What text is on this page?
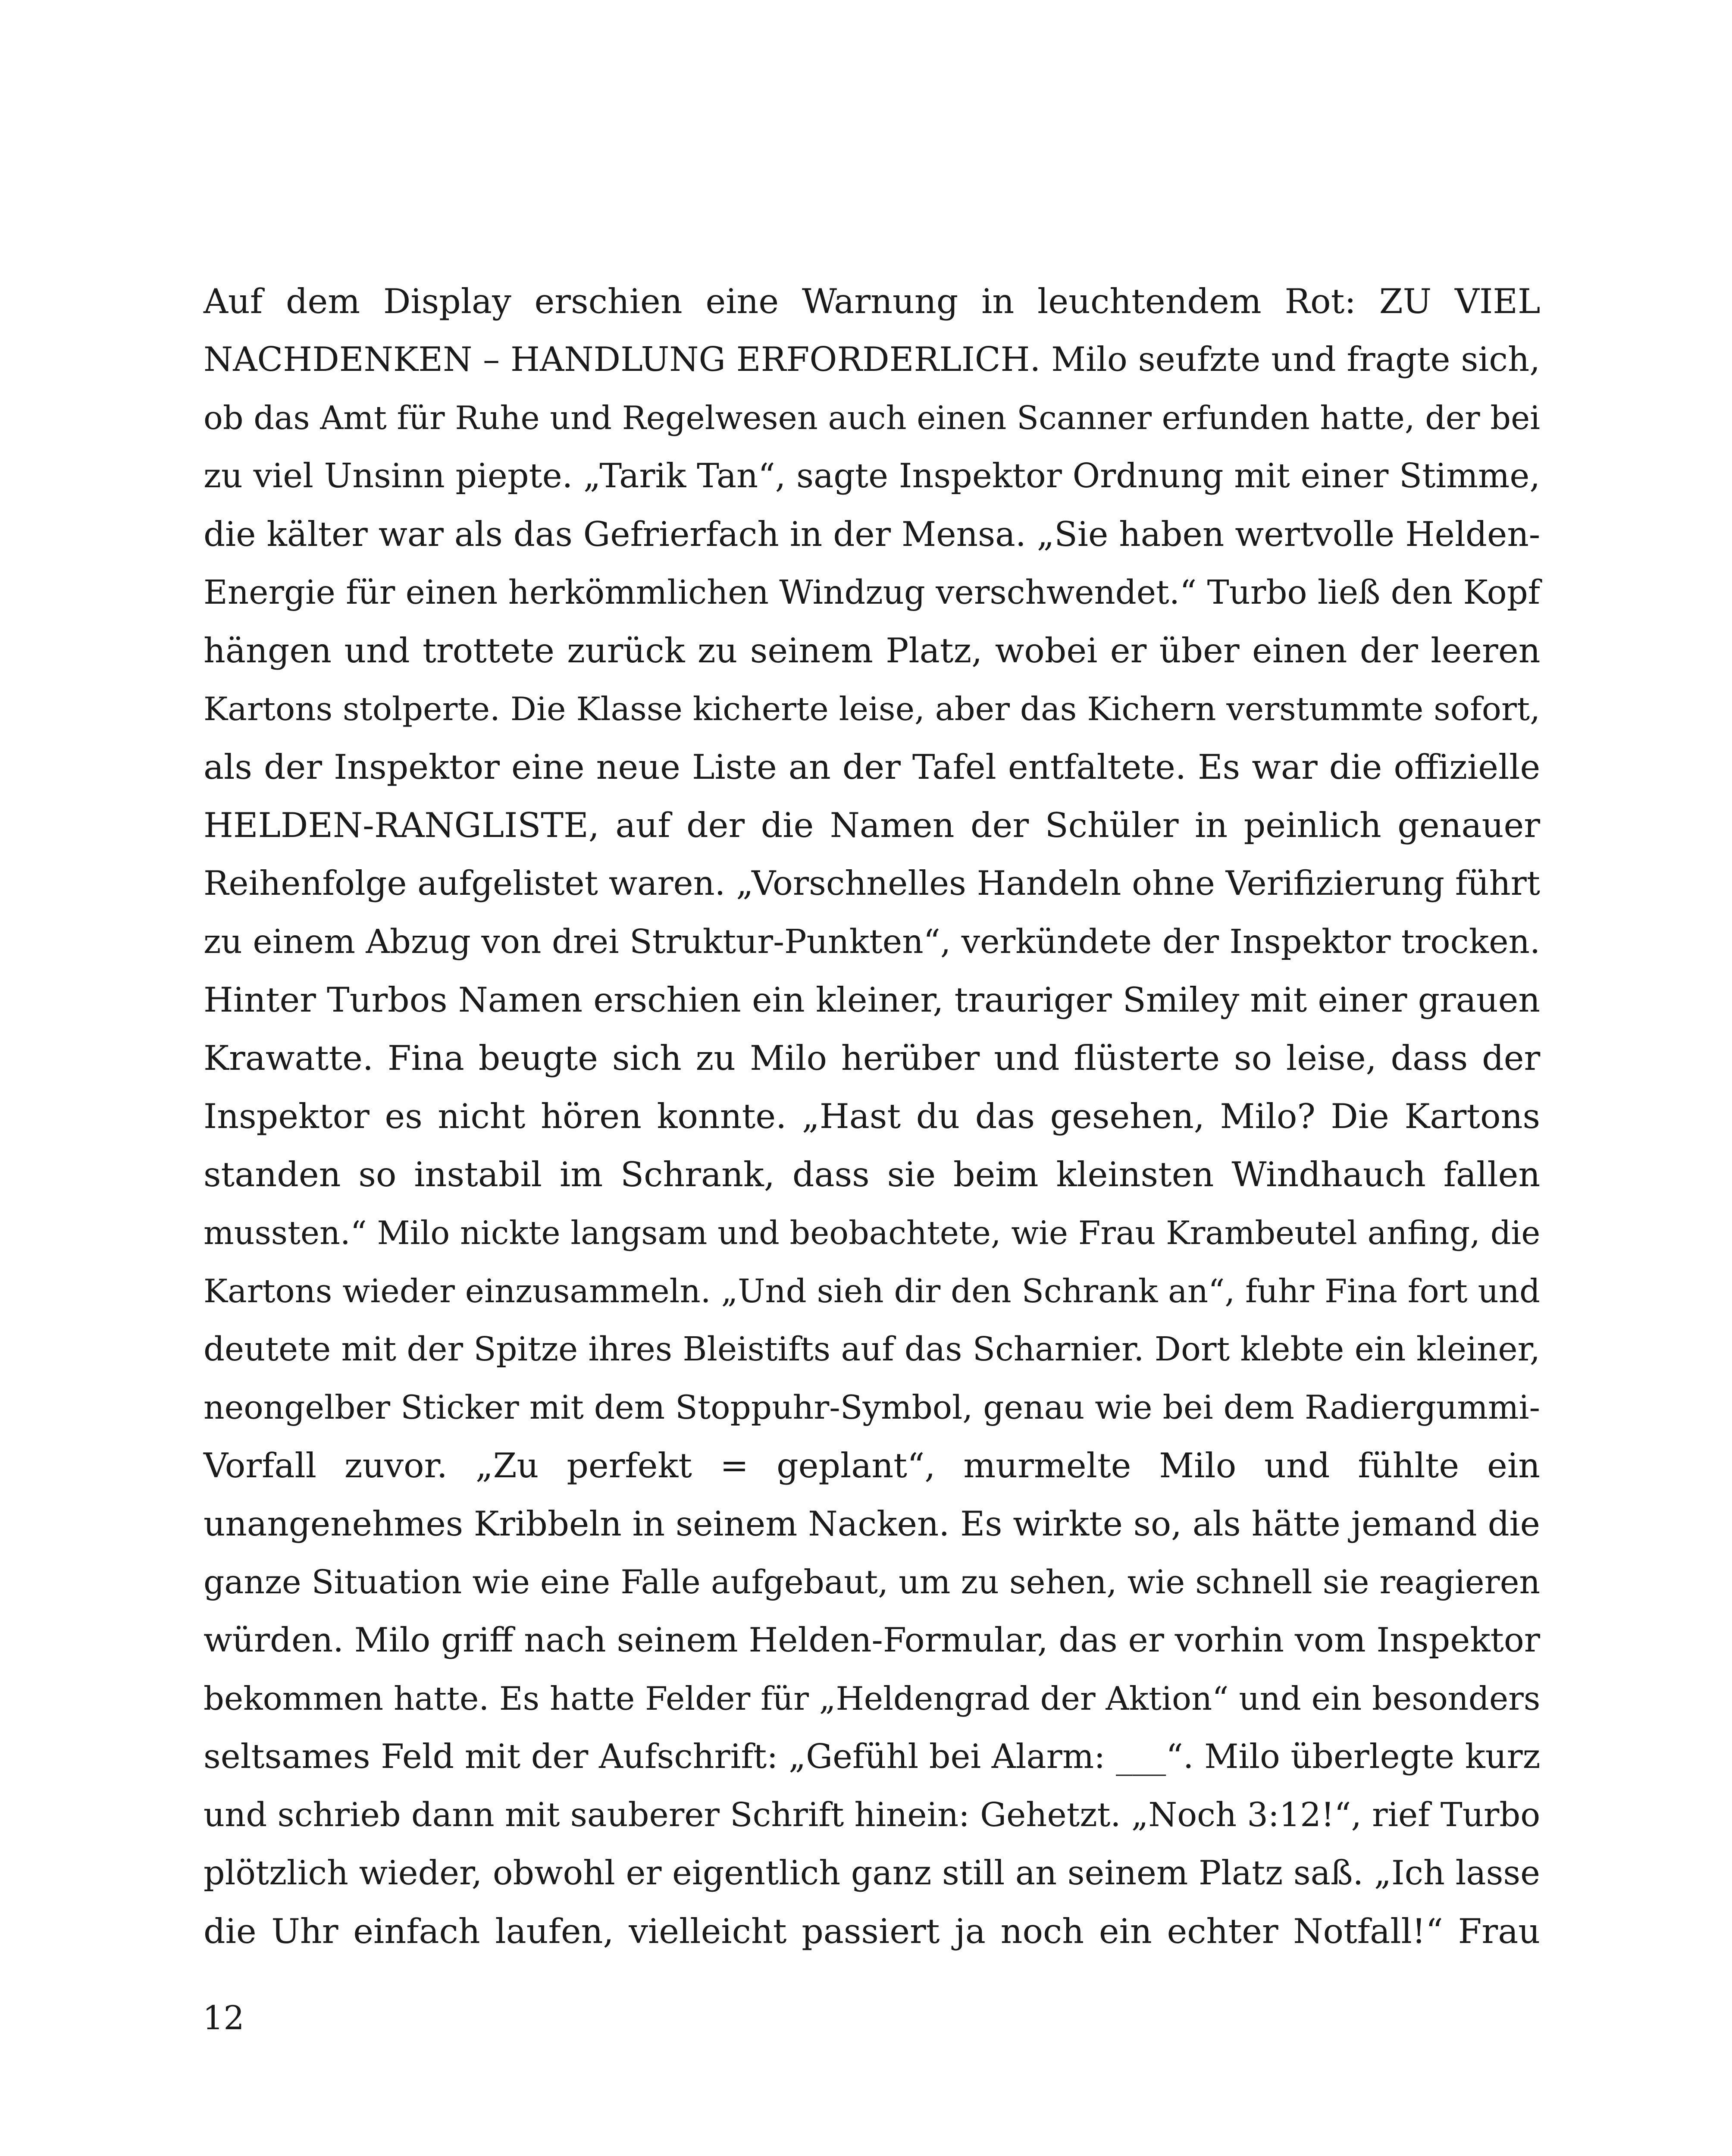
Auf dem Display erschien eine Warnung in leuchtendem Rot: ZU VIEL
NACHDENKEN – HANDLUNG ERFORDERLICH. Milo seufzte und fragte sich,
ob das Amt für Ruhe und Regelwesen auch einen Scanner erfunden hatte, der bei
zu viel Unsinn piepte. „Tarik Tan“, sagte Inspektor Ordnung mit einer Stimme,
die kälter war als das Gefrierfach in der Mensa. „Sie haben wertvolle Helden-
Energie für einen herkömmlichen Windzug verschwendet.“ Turbo ließ den Kopf
hängen und trottete zurück zu seinem Platz, wobei er über einen der leeren
Kartons stolperte. Die Klasse kicherte leise, aber das Kichern verstummte sofort,
als der Inspektor eine neue Liste an der Tafel entfaltete. Es war die offizielle
HELDEN-RANGLISTE, auf der die Namen der Schüler in peinlich genauer
Reihenfolge aufgelistet waren. „Vorschnelles Handeln ohne Verifizierung führt
zu einem Abzug von drei Struktur-Punkten“, verkündete der Inspektor trocken.
Hinter Turbos Namen erschien ein kleiner, trauriger Smiley mit einer grauen
Krawatte. Fina beugte sich zu Milo herüber und flüsterte so leise, dass der
Inspektor es nicht hören konnte. „Hast du das gesehen, Milo? Die Kartons
standen so instabil im Schrank, dass sie beim kleinsten Windhauch fallen
mussten.“ Milo nickte langsam und beobachtete, wie Frau Krambeutel anfing, die
Kartons wieder einzusammeln. „Und sieh dir den Schrank an“, fuhr Fina fort und
deutete mit der Spitze ihres Bleistifts auf das Scharnier. Dort klebte ein kleiner,
neongelber Sticker mit dem Stoppuhr-Symbol, genau wie bei dem Radiergummi-
Vorfall zuvor. „Zu perfekt = geplant“, murmelte Milo und fühlte ein
unangenehmes Kribbeln in seinem Nacken. Es wirkte so, als hätte jemand die
ganze Situation wie eine Falle aufgebaut, um zu sehen, wie schnell sie reagieren
würden. Milo griff nach seinem Helden-Formular, das er vorhin vom Inspektor
bekommen hatte. Es hatte Felder für „Heldengrad der Aktion“ und ein besonders
seltsames Feld mit der Aufschrift: „Gefühl bei Alarm: ___“. Milo überlegte kurz
und schrieb dann mit sauberer Schrift hinein: Gehetzt. „Noch 3:12!“, rief Turbo
plötzlich wieder, obwohl er eigentlich ganz still an seinem Platz saß. „Ich lasse
die Uhr einfach laufen, vielleicht passiert ja noch ein echter Notfall!“ Frau
12
